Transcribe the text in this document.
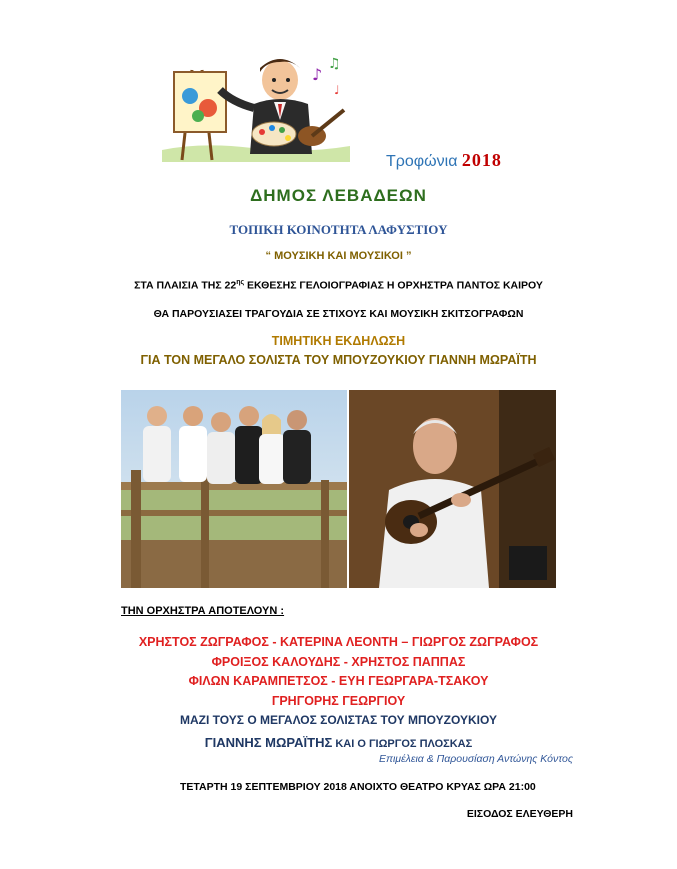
♪
♫
♩
Τροφώνια 2018
ΔΗΜΟΣ ΛΕΒΑΔΕΩΝ
ΤΟΠΙΚΗ ΚΟΙΝΟΤΗΤΑ ΛΑΦΥΣΤΙΟΥ
“ ΜΟΥΣΙΚΗ ΚΑΙ ΜΟΥΣΙΚΟΙ ”
ΣΤΑ ΠΛΑΙΣΙΑ ΤΗΣ $22^{\eta\varsigma}$ ΕΚΘΕΣΗΣ ΓΕΛΟΙΟΓΡΑΦΙΑΣ Η ΟΡΧΗΣΤΡΑ ΠΑΝΤΟΣ ΚΑΙΡΟΥ
ΘΑ ΠΑΡΟΥΣΙΑΣΕΙ ΤΡΑΓΟΥΔΙΑ ΣΕ ΣΤΙΧΟΥΣ ΚΑΙ ΜΟΥΣΙΚΗ ΣΚΙΤΣΟΓΡΑΦΩΝ
ΤΙΜΗΤΙΚΗ ΕΚΔΗΛΩΣΗ
ΓΙΑ ΤΟΝ ΜΕΓΑΛΟ ΣΟΛΙΣΤΑ ΤΟΥ ΜΠΟΥΖΟΥΚΙΟΥ ΓΙΑΝΝΗ ΜΩΡΑΪΤΗ
ΤΗΝ ΟΡΧΗΣΤΡΑ ΑΠΟΤΕΛΟΥΝ :
ΧΡΗΣΤΟΣ ΖΩΓΡΑΦΟΣ - ΚΑΤΕΡΙΝΑ ΛΕΟΝΤΗ – ΓΙΩΡΓΟΣ ΖΩΓΡΑΦΟΣ
ΦΡΟΙΞΟΣ ΚΑΛΟΥΔΗΣ - ΧΡΗΣΤΟΣ ΠΑΠΠΑΣ
ΦΙΛΩΝ ΚΑΡΑΜΠΕΤΣΟΣ - ΕΥΗ ΓΕΩΡΓΑΡΑ-ΤΣΑΚΟΥ
ΓΡΗΓΟΡΗΣ ΓΕΩΡΓΙΟΥ
ΜΑΖΙ ΤΟΥΣ Ο ΜΕΓΑΛΟΣ ΣΟΛΙΣΤΑΣ ΤΟΥ ΜΠΟΥΖΟΥΚΙΟΥ
ΓΙΑΝΝΗΣ ΜΩΡΑΪΤΗΣ ΚΑΙ Ο ΓΙΩΡΓΟΣ ΠΛΟΣΚΑΣ
Επιμέλεια & Παρουσίαση Αντώνης Κόντος
ΤΕΤΑΡΤΗ 19 ΣΕΠΤΕΜΒΡΙΟΥ 2018 ΑΝΟΙΧΤΟ ΘΕΑΤΡΟ ΚΡΥΑΣ ΩΡΑ 21:00
ΕΙΣΟΔΟΣ ΕΛΕΥΘΕΡΗ
